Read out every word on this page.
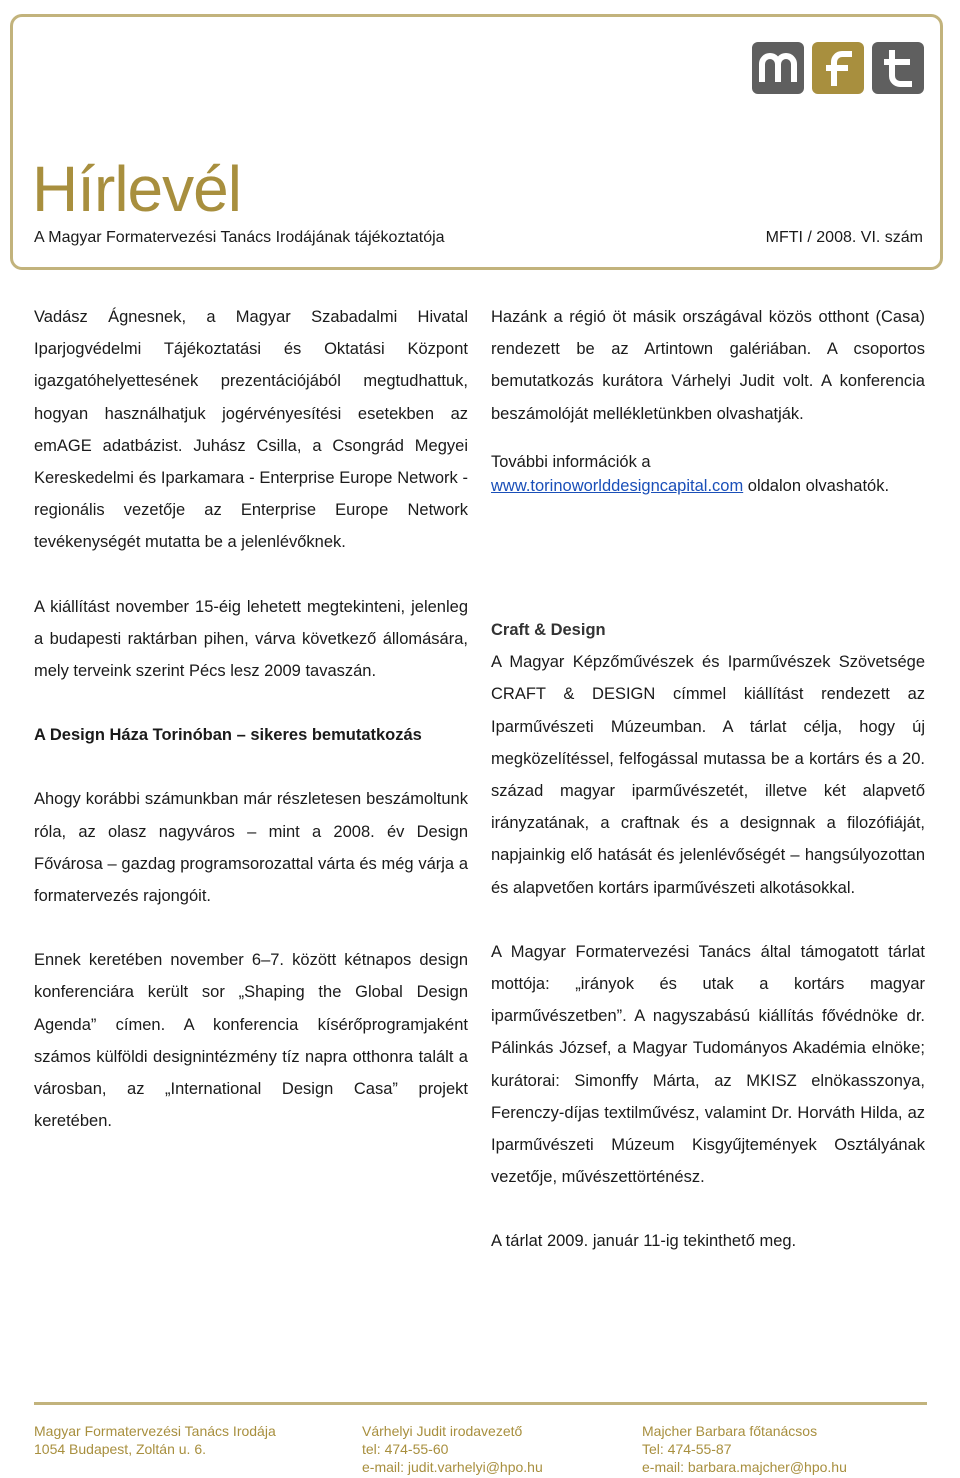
Hírlevél
A Magyar Formatervezési Tanács Irodájának tájékoztatója	MFTI / 2008. VI. szám

Vadász Ágnesnek, a Magyar Szabadalmi Hivatal Iparjogvédelmi Tájékoztatási és Oktatási Központ igazgatóhelyettesének prezentációjából megtudhattuk, hogyan használhatjuk jogérvényesítési esetekben az emAGE adatbázist. Juhász Csilla, a Csongrád Megyei Kereskedelmi és Iparkamara - Enterprise Europe Network - regionális vezetője az Enterprise Europe Network tevékenységét mutatta be a jelenlévőknek.

A kiállítást november 15-éig lehetett megtekinteni, jelenleg a budapesti raktárban pihen, várva következő állomására, mely terveink szerint Pécs lesz 2009 tavaszán.

A Design Háza Torinóban – sikeres bemutatkozás

Ahogy korábbi számunkban már részletesen beszámoltunk róla, az olasz nagyváros – mint a 2008. év Design Fővárosa – gazdag programsorozattal várta és még várja a formatervezés rajongóit.

Ennek keretében november 6–7. között kétnapos design konferenciára került sor „Shaping the Global Design Agenda” címen. A konferencia kísérőprogramjaként számos külföldi designintézmény tíz napra otthonra talált a városban, az „International Design Casa” projekt keretében.

Hazánk a régió öt másik országával közös otthont (Casa) rendezett be az Artintown galériában. A csoportos bemutatkozás kurátora Várhelyi Judit volt. A konferencia beszámolóját mellékletünkben olvashatják.

További információk a
www.torinoworlddesigncapital.com oldalon olvashatók.

Craft & Design

A Magyar Képzőművészek és Iparművészek Szövetsége CRAFT & DESIGN címmel kiállítást rendezett az Iparművészeti Múzeumban. A tárlat célja, hogy új megközelítéssel, felfogással mutassa be a kortárs és a 20. század magyar iparművészetét, illetve két alapvető irányzatának, a craftnak és a designnak a filozófiáját, napjainkig elő hatását és jelenlévőségét – hangsúlyozottan és alapvetően kortárs iparművészeti alkotásokkal.

A Magyar Formatervezési Tanács által támogatott tárlat mottója: „irányok és utak a kortárs magyar iparművészetben”. A nagyszabású kiállítás fővédnöke dr. Pálinkás József, a Magyar Tudományos Akadémia elnöke; kurátorai: Simonffy Márta, az MKISZ elnökasszonya, Ferenczy-díjas textilművész, valamint Dr. Horváth Hilda, az Iparművészeti Múzeum Kisgyűjtemények Osztályának vezetője, művészettörténész.

A tárlat 2009. január 11-ig tekinthető meg.

Magyar Formatervezési Tanács Irodája
1054 Budapest, Zoltán u. 6.
Várhelyi Judit irodavezető
tel: 474-55-60
e-mail: judit.varhelyi@hpo.hu
Majcher Barbara főtanácsos
Tel: 474-55-87
e-mail: barbara.majcher@hpo.hu
